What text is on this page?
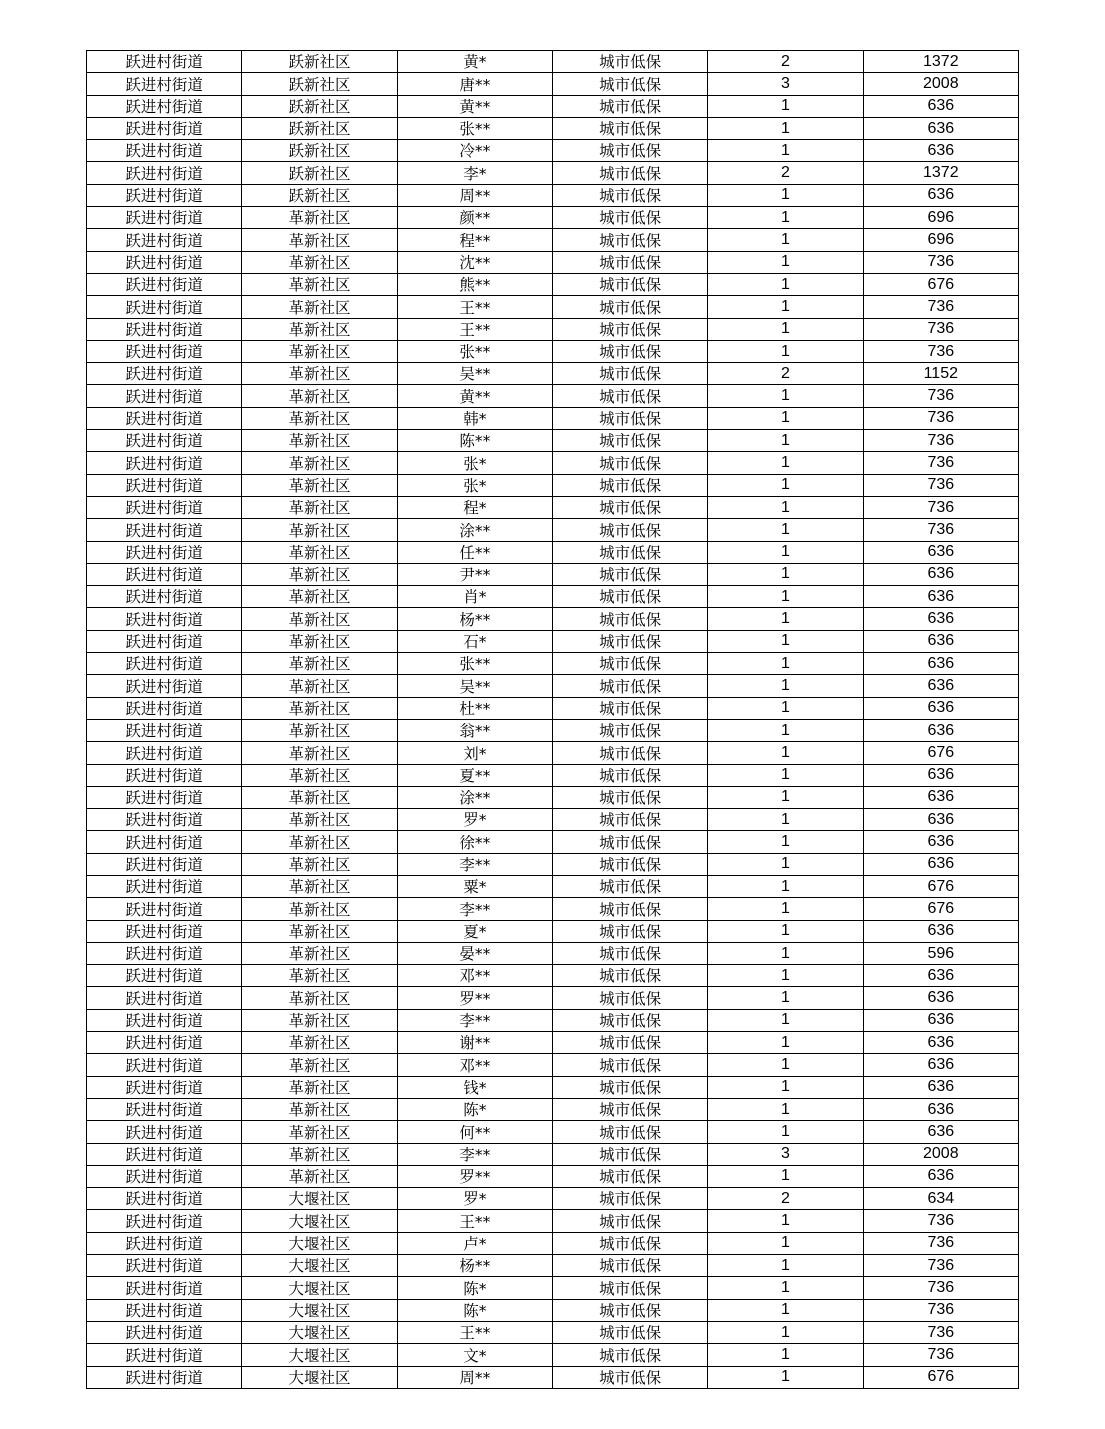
跃进村街道	跃新社区	黄*	城市低保	2	1372
跃进村街道	跃新社区	唐**	城市低保	3	2008
跃进村街道	跃新社区	黄**	城市低保	1	636
跃进村街道	跃新社区	张**	城市低保	1	636
跃进村街道	跃新社区	冷**	城市低保	1	636
跃进村街道	跃新社区	李*	城市低保	2	1372
跃进村街道	跃新社区	周**	城市低保	1	636
跃进村街道	革新社区	颜**	城市低保	1	696
跃进村街道	革新社区	程**	城市低保	1	696
跃进村街道	革新社区	沈**	城市低保	1	736
跃进村街道	革新社区	熊**	城市低保	1	676
跃进村街道	革新社区	王**	城市低保	1	736
跃进村街道	革新社区	王**	城市低保	1	736
跃进村街道	革新社区	张**	城市低保	1	736
跃进村街道	革新社区	吴**	城市低保	2	1152
跃进村街道	革新社区	黄**	城市低保	1	736
跃进村街道	革新社区	韩*	城市低保	1	736
跃进村街道	革新社区	陈**	城市低保	1	736
跃进村街道	革新社区	张*	城市低保	1	736
跃进村街道	革新社区	张*	城市低保	1	736
跃进村街道	革新社区	程*	城市低保	1	736
跃进村街道	革新社区	涂**	城市低保	1	736
跃进村街道	革新社区	任**	城市低保	1	636
跃进村街道	革新社区	尹**	城市低保	1	636
跃进村街道	革新社区	肖*	城市低保	1	636
跃进村街道	革新社区	杨**	城市低保	1	636
跃进村街道	革新社区	石*	城市低保	1	636
跃进村街道	革新社区	张**	城市低保	1	636
跃进村街道	革新社区	吴**	城市低保	1	636
跃进村街道	革新社区	杜**	城市低保	1	636
跃进村街道	革新社区	翁**	城市低保	1	636
跃进村街道	革新社区	刘*	城市低保	1	676
跃进村街道	革新社区	夏**	城市低保	1	636
跃进村街道	革新社区	涂**	城市低保	1	636
跃进村街道	革新社区	罗*	城市低保	1	636
跃进村街道	革新社区	徐**	城市低保	1	636
跃进村街道	革新社区	李**	城市低保	1	636
跃进村街道	革新社区	粟*	城市低保	1	676
跃进村街道	革新社区	李**	城市低保	1	676
跃进村街道	革新社区	夏*	城市低保	1	636
跃进村街道	革新社区	晏**	城市低保	1	596
跃进村街道	革新社区	邓**	城市低保	1	636
跃进村街道	革新社区	罗**	城市低保	1	636
跃进村街道	革新社区	李**	城市低保	1	636
跃进村街道	革新社区	谢**	城市低保	1	636
跃进村街道	革新社区	邓**	城市低保	1	636
跃进村街道	革新社区	钱*	城市低保	1	636
跃进村街道	革新社区	陈*	城市低保	1	636
跃进村街道	革新社区	何**	城市低保	1	636
跃进村街道	革新社区	李**	城市低保	3	2008
跃进村街道	革新社区	罗**	城市低保	1	636
跃进村街道	大堰社区	罗*	城市低保	2	634
跃进村街道	大堰社区	王**	城市低保	1	736
跃进村街道	大堰社区	卢*	城市低保	1	736
跃进村街道	大堰社区	杨**	城市低保	1	736
跃进村街道	大堰社区	陈*	城市低保	1	736
跃进村街道	大堰社区	陈*	城市低保	1	736
跃进村街道	大堰社区	王**	城市低保	1	736
跃进村街道	大堰社区	文*	城市低保	1	736
跃进村街道	大堰社区	周**	城市低保	1	676
